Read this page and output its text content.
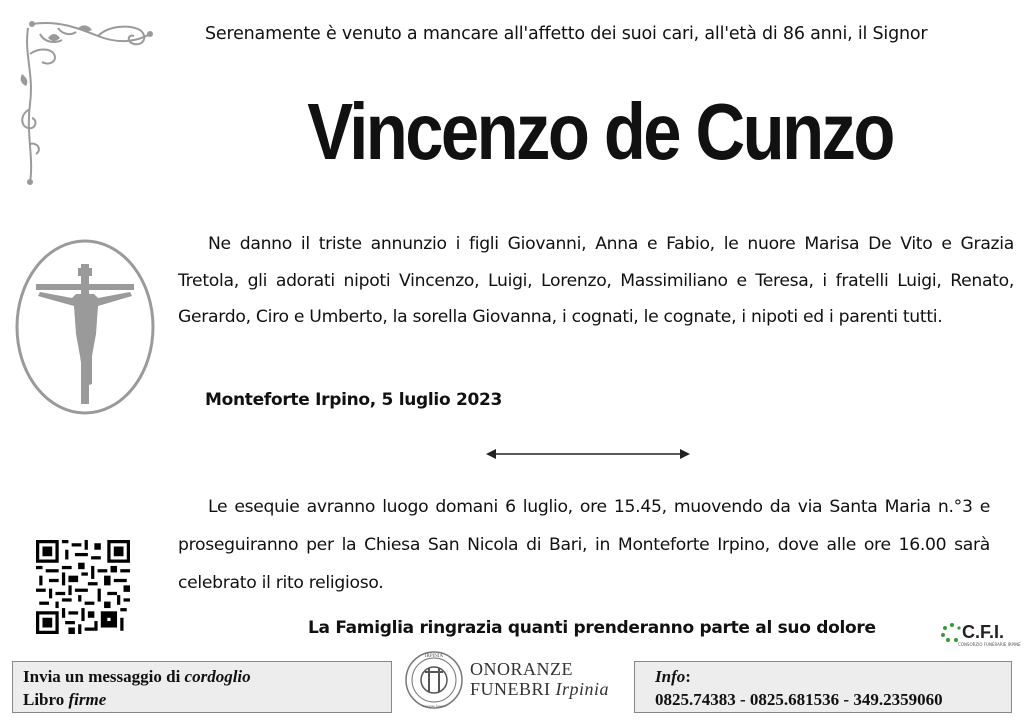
Serenamente è venuto a mancare all'affetto dei suoi cari, all'età di 86 anni, il Signor
Vincenzo de Cunzo
Ne danno il triste annunzio i figli Giovanni, Anna e Fabio, le nuore Marisa De Vito e Grazia Tretola, gli adorati nipoti Vincenzo, Luigi, Lorenzo, Massimiliano e Teresa, i fratelli Luigi, Renato, Gerardo, Ciro e Umberto, la sorella Giovanna, i cognati, le cognate, i nipoti ed i parenti tutti.
Monteforte Irpino, 5 luglio 2023
Le esequie avranno luogo domani 6 luglio, ore 15.45, muovendo da via Santa Maria n.°3 e proseguiranno per la Chiesa San Nicola di Bari, in Monteforte Irpino, dove alle ore 16.00 sarà celebrato il rito religioso.
La Famiglia ringrazia quanti prenderanno parte al suo dolore	C.F.I.
CONSORZIO FUNERARIE IRPINE
Invia un messaggio di cordoglio
Libro firme
IRPINIA
onoranze funebri
ONORANZE
FUNEBRI Irpinia
Info:
0825.74383 - 0825.681536 - 349.2359060
